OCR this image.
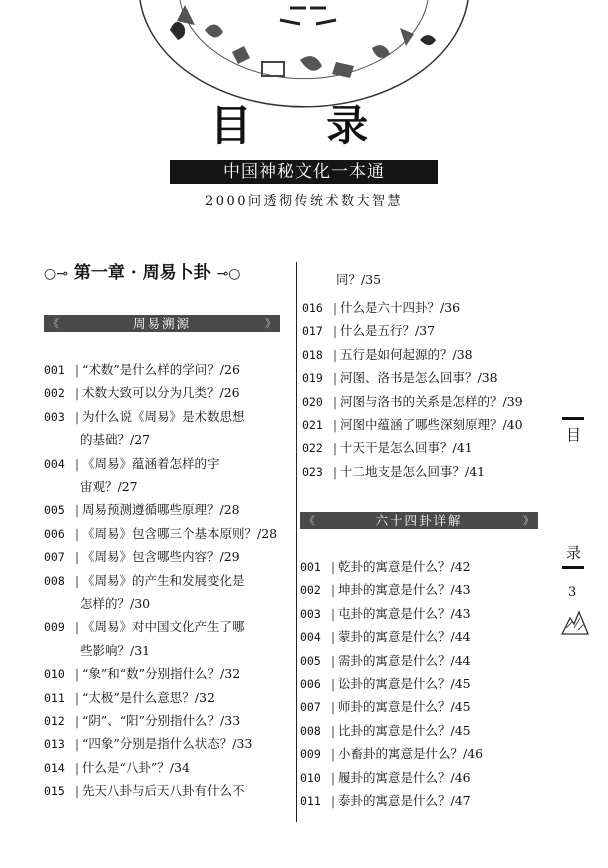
目 录
中国神秘文化一本通
2000问透彻传统术数大智慧
○⊸ 第一章 · 周易卜卦 ⊸○
《	周易溯源	》
001 | “术数”是什么样的学问？/26
002 | 术数大致可以分为几类？/26
003 | 为什么说《周易》是术数思想
的基础？/27
004 | 《周易》蕴涵着怎样的宇
宙观？/27
005 | 周易预测遵循哪些原理？/28
006 | 《周易》包含哪三个基本原则？/28
007 | 《周易》包含哪些内容？/29
008 | 《周易》的产生和发展变化是
怎样的？/30
009 | 《周易》对中国文化产生了哪
些影响？/31
010 | “象”和“数”分别指什么？/32
011 | “太极”是什么意思？/32
012 | “阴”、“阳”分别指什么？/33
013 | “四象”分别是指什么状态？/33
014 | 什么是“八卦”？/34
015 | 先天八卦与后天八卦有什么不
同？/35
016 | 什么是六十四卦？/36
017 | 什么是五行？/37
018 | 五行是如何起源的？/38
019 | 河图、洛书是怎么回事？/38
020 | 河图与洛书的关系是怎样的？/39
021 | 河图中蕴涵了哪些深刻原理？/40
022 | 十天干是怎么回事？/41
023 | 十二地支是怎么回事？/41
《	六十四卦详解	》
001 | 乾卦的寓意是什么？/42
002 | 坤卦的寓意是什么？/43
003 | 屯卦的寓意是什么？/43
004 | 蒙卦的寓意是什么？/44
005 | 需卦的寓意是什么？/44
006 | 讼卦的寓意是什么？/45
007 | 师卦的寓意是什么？/45
008 | 比卦的寓意是什么？/45
009 | 小畜卦的寓意是什么？/46
010 | 履卦的寓意是什么？/46
011 | 泰卦的寓意是什么？/47
目
录
3
